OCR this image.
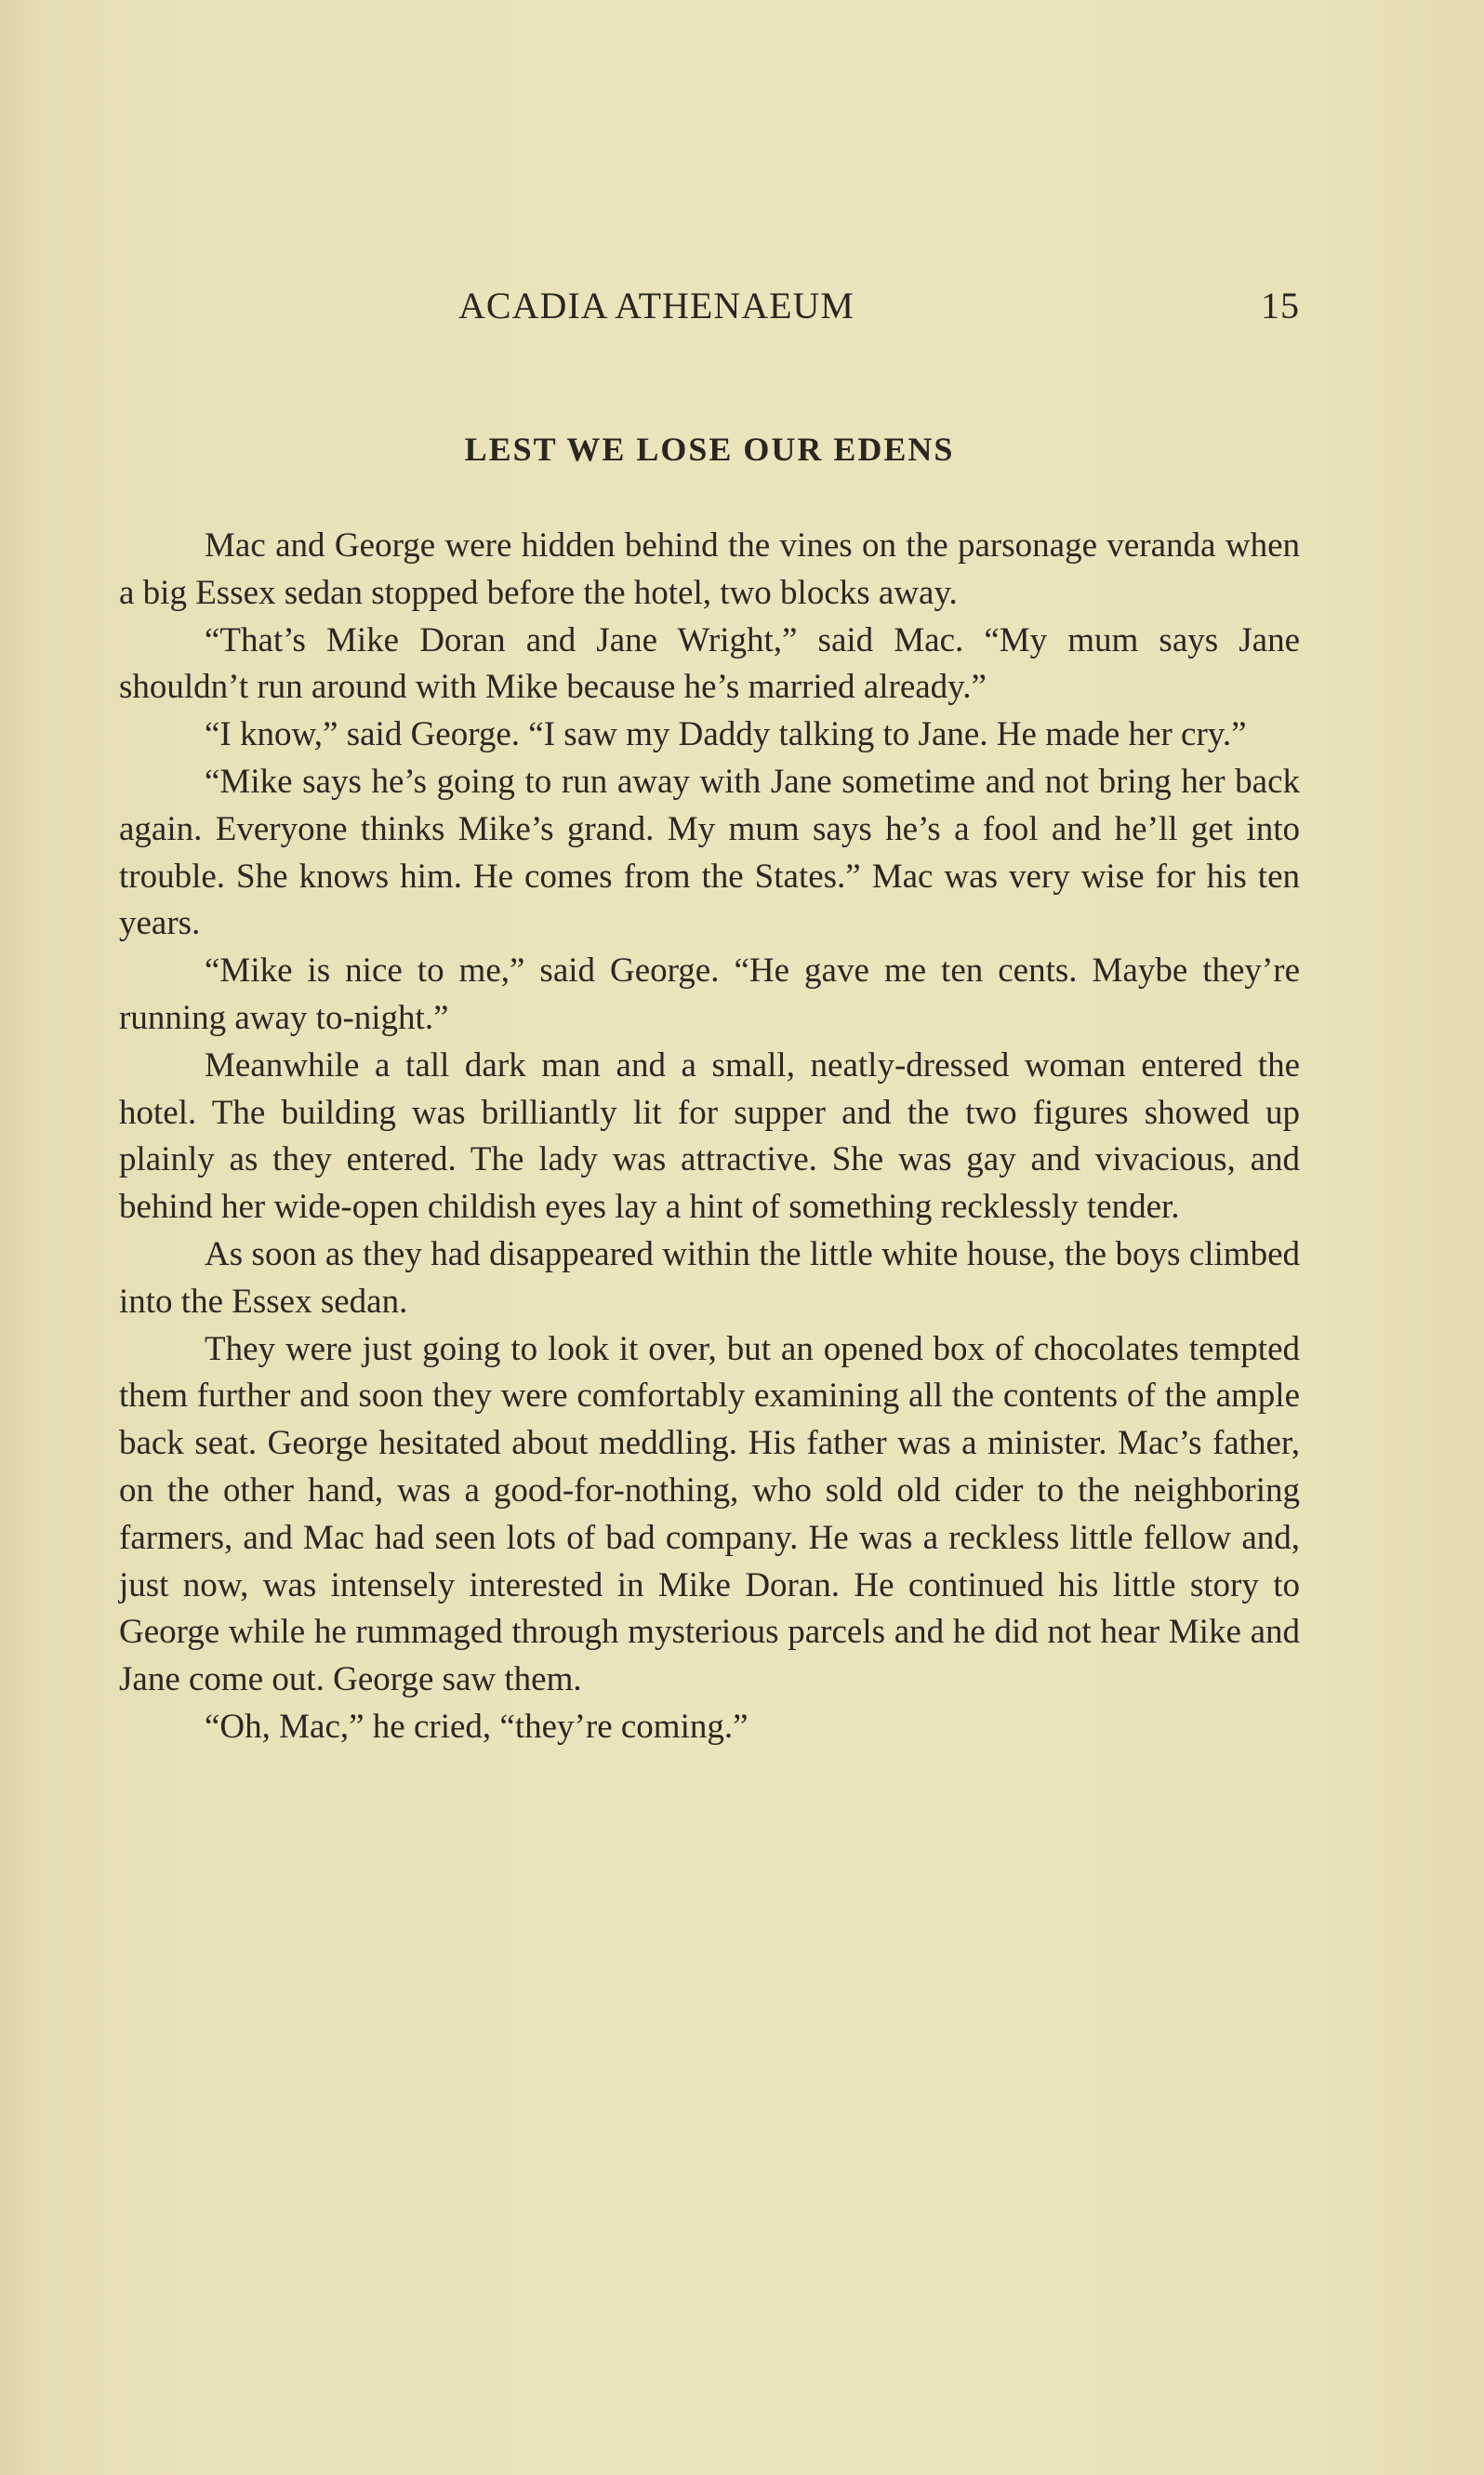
ACADIA ATHENAEUM	15
LEST WE LOSE OUR EDENS

Mac and George were hidden behind the vines on the parsonage veranda when a big Essex sedan stopped before the hotel, two blocks away.

“That’s Mike Doran and Jane Wright,” said Mac. “My mum says Jane shouldn’t run around with Mike because he’s married already.”

“I know,” said George. “I saw my Daddy talking to Jane. He made her cry.”

“Mike says he’s going to run away with Jane sometime and not bring her back again. Everyone thinks Mike’s grand. My mum says he’s a fool and he’ll get into trouble. She knows him. He comes from the States.” Mac was very wise for his ten years.

“Mike is nice to me,” said George. “He gave me ten cents. Maybe they’re running away to-night.”

Meanwhile a tall dark man and a small, neatly-dressed woman entered the hotel. The building was brilliantly lit for supper and the two figures showed up plainly as they entered. The lady was attractive. She was gay and vivacious, and behind her wide-open childish eyes lay a hint of something recklessly tender.

As soon as they had disappeared within the little white house, the boys climbed into the Essex sedan.

They were just going to look it over, but an opened box of chocolates tempted them further and soon they were comfortably examining all the contents of the ample back seat. George hesitated about meddling. His father was a minister. Mac’s father, on the other hand, was a good-for-nothing, who sold old cider to the neighboring farmers, and Mac had seen lots of bad company. He was a reckless little fellow and, just now, was intensely interested in Mike Doran. He continued his little story to George while he rummaged through mysterious parcels and he did not hear Mike and Jane come out. George saw them.

“Oh, Mac,” he cried, “they’re coming.”
